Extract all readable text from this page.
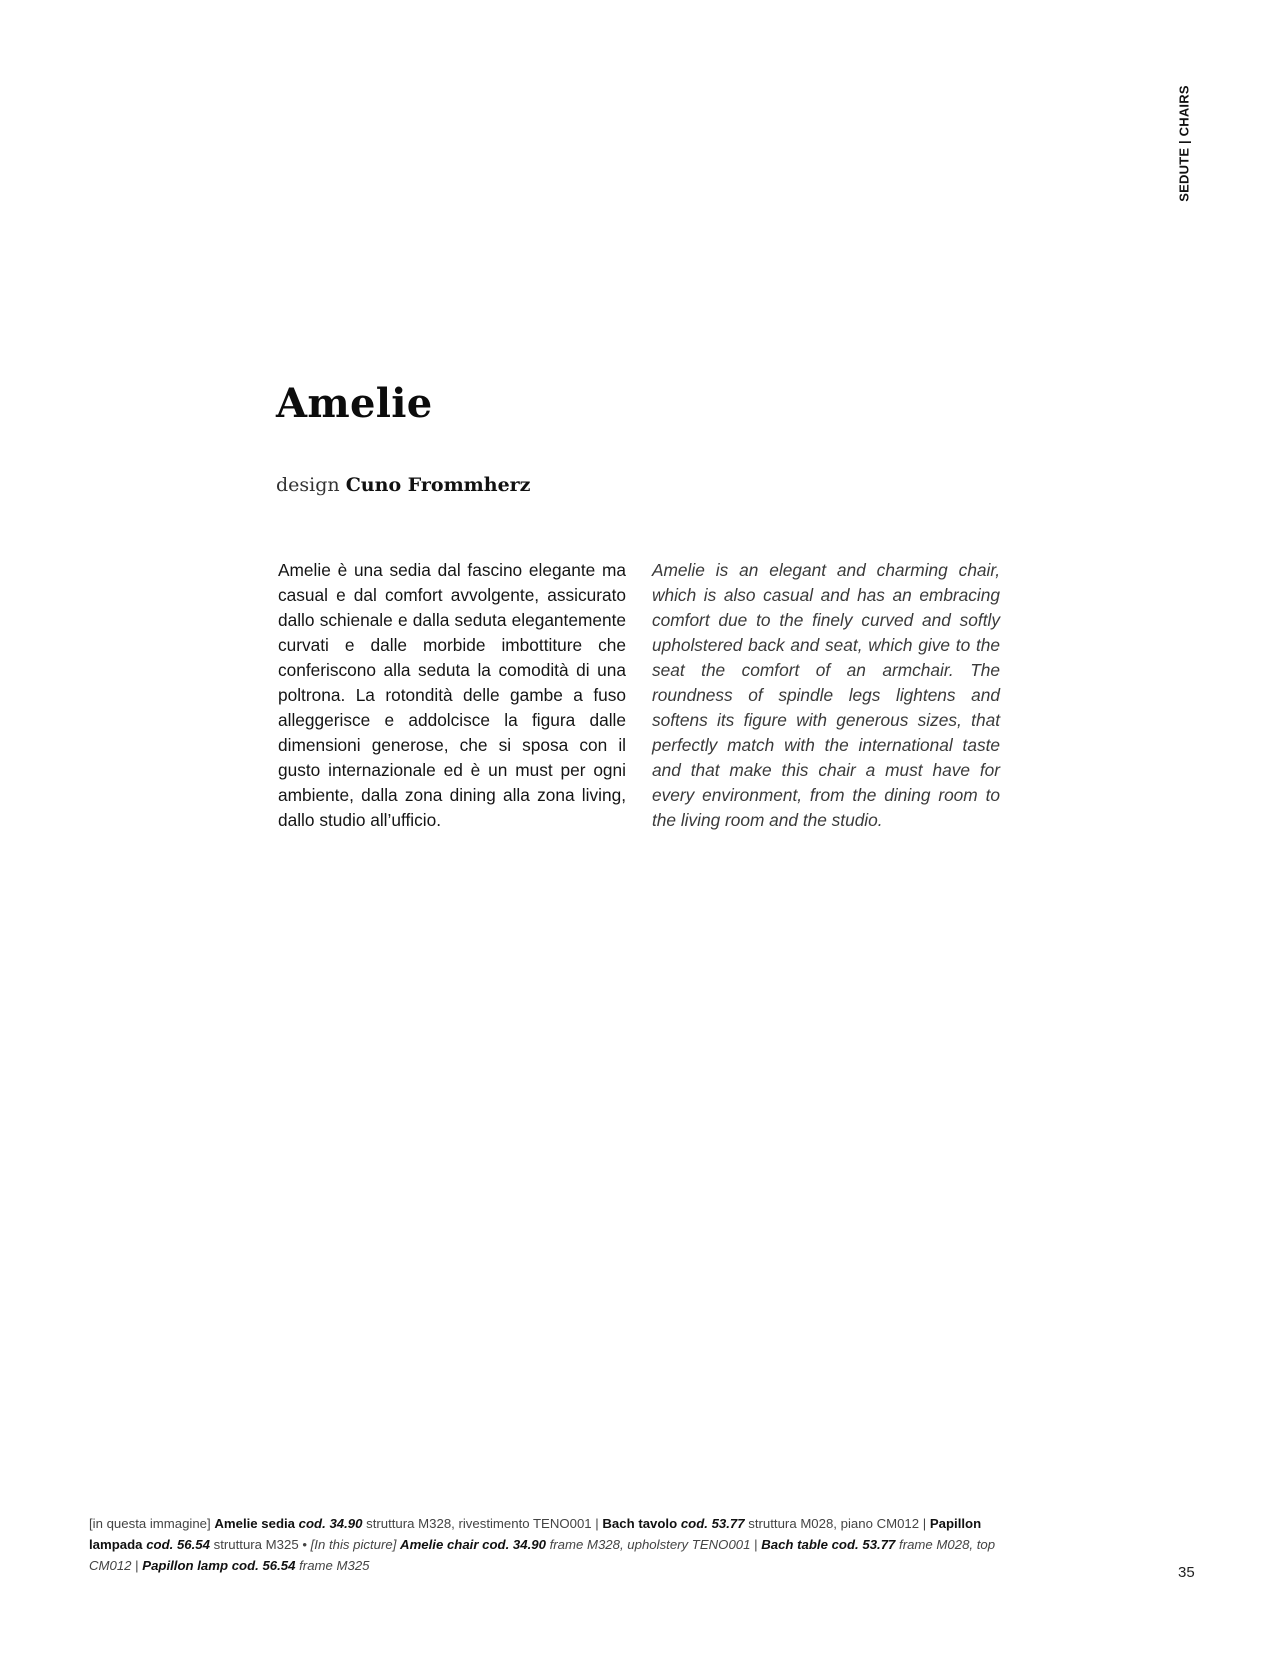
SEDUTE | CHAIRS
Amelie
design Cuno Frommherz
Amelie è una sedia dal fascino elegante ma casual e dal comfort avvolgente, assicurato dallo schienale e dalla seduta elegantemente curvati e dalle morbide imbottiture che conferiscono alla seduta la comodità di una poltrona. La rotondità delle gambe a fuso alleggerisce e addolcisce la figura dalle dimensioni generose, che si sposa con il gusto internazionale ed è un must per ogni ambiente, dalla zona dining alla zona living, dallo studio all’ufficio.
Amelie is an elegant and charming chair, which is also casual and has an embracing comfort due to the finely curved and softly upholstered back and seat, which give to the seat the comfort of an armchair. The roundness of spindle legs lightens and softens its figure with generous sizes, that perfectly match with the international taste and that make this chair a must have for every environment, from the dining room to the living room and the studio.
[in questa immagine] Amelie sedia cod. 34.90 struttura M328, rivestimento TENO001 | Bach tavolo cod. 53.77 struttura M028, piano CM012 | Papillon lampada cod. 56.54 struttura M325 • [In this picture] Amelie chair cod. 34.90 frame M328, upholstery TENO001 | Bach table cod. 53.77 frame M028, top CM012 | Papillon lamp cod. 56.54 frame M325	35
